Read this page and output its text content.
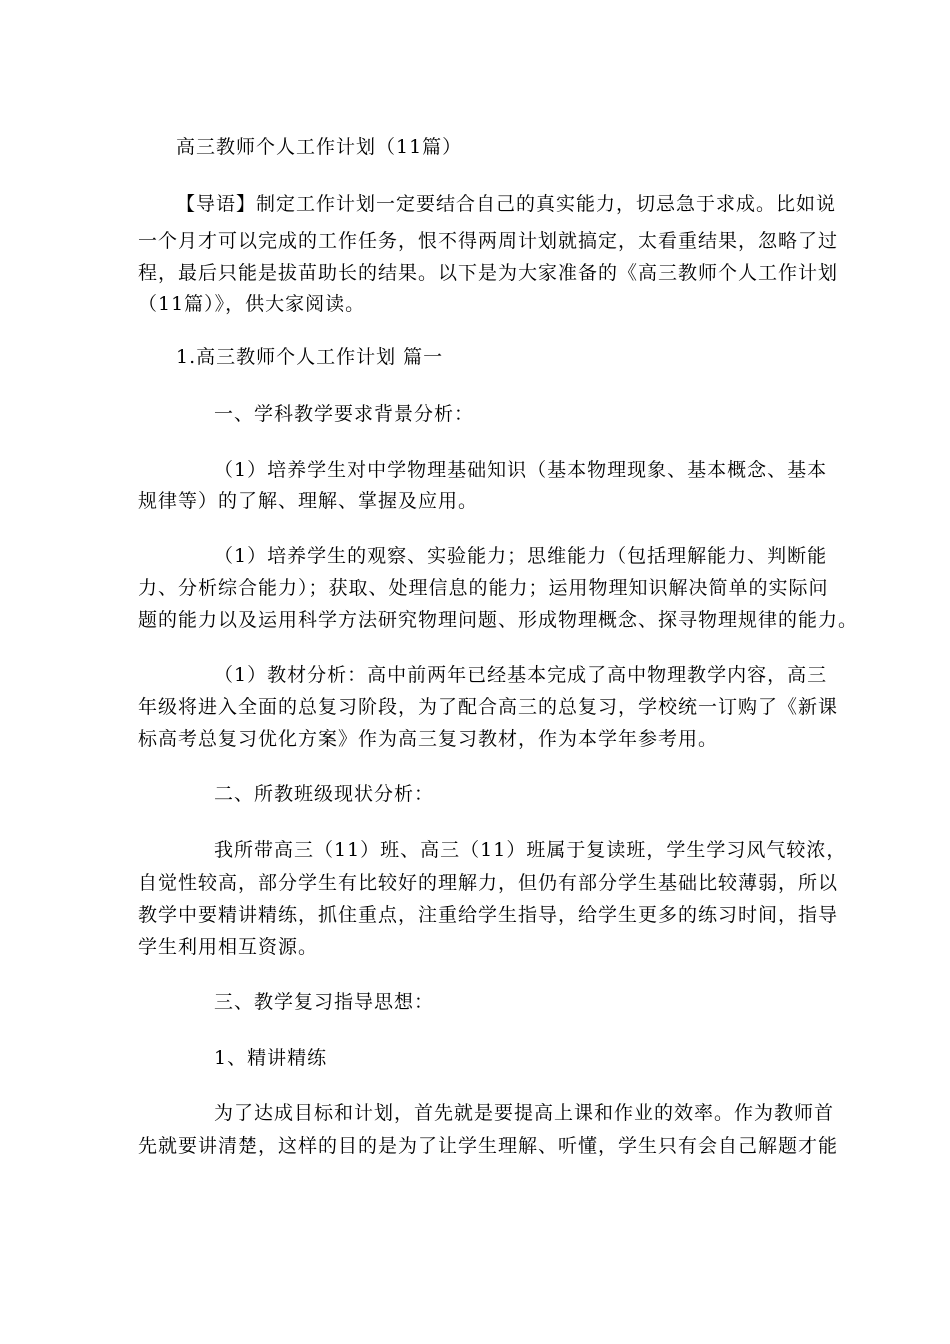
高三教师个人工作计划（11篇）
【导语】制定工作计划一定要结合自己的真实能力，切忌急于求成。比如说
一个月才可以完成的工作任务，恨不得两周计划就搞定，太看重结果，忽略了过
程，最后只能是拔苗助长的结果。以下是为大家准备的《高三教师个人工作计划
（11篇）》，供大家阅读。
1.高三教师个人工作计划 篇一
一、学科教学要求背景分析：
（1）培养学生对中学物理基础知识（基本物理现象、基本概念、基本
规律等）的了解、理解、掌握及应用。
（1）培养学生的观察、实验能力；思维能力（包括理解能力、判断能
力、分析综合能力）；获取、处理信息的能力；运用物理知识解决简单的实际问
题的能力以及运用科学方法研究物理问题、形成物理概念、探寻物理规律的能力。
（1）教材分析：高中前两年已经基本完成了高中物理教学内容，高三
年级将进入全面的总复习阶段，为了配合高三的总复习，学校统一订购了《新课
标高考总复习优化方案》作为高三复习教材，作为本学年参考用。
二、所教班级现状分析：
我所带高三（11）班、高三（11）班属于复读班，学生学习风气较浓，
自觉性较高，部分学生有比较好的理解力，但仍有部分学生基础比较薄弱，所以
教学中要精讲精练，抓住重点，注重给学生指导，给学生更多的练习时间，指导
学生利用相互资源。
三、教学复习指导思想：
1、精讲精练
为了达成目标和计划，首先就是要提高上课和作业的效率。作为教师首
先就要讲清楚，这样的目的是为了让学生理解、听懂，学生只有会自己解题才能
